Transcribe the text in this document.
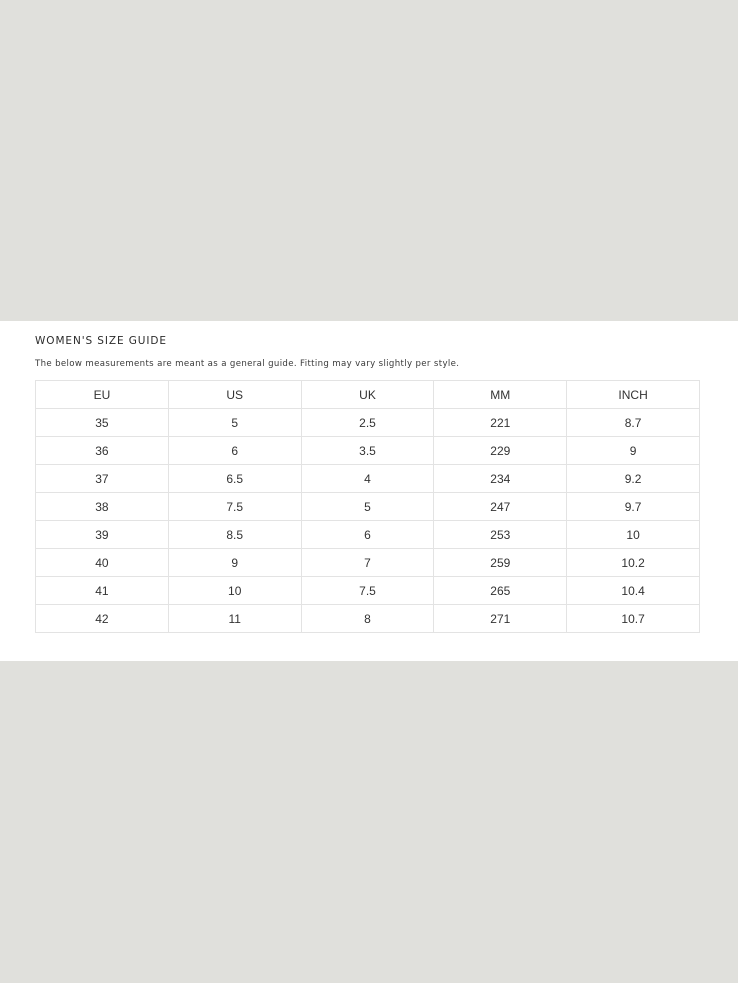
WOMEN'S SIZE GUIDE
The below measurements are meant as a general guide. Fitting may vary slightly per style.
EU	US	UK	MM	INCH
35	5	2.5	221	8.7
36	6	3.5	229	9
37	6.5	4	234	9.2
38	7.5	5	247	9.7
39	8.5	6	253	10
40	9	7	259	10.2
41	10	7.5	265	10.4
42	11	8	271	10.7
